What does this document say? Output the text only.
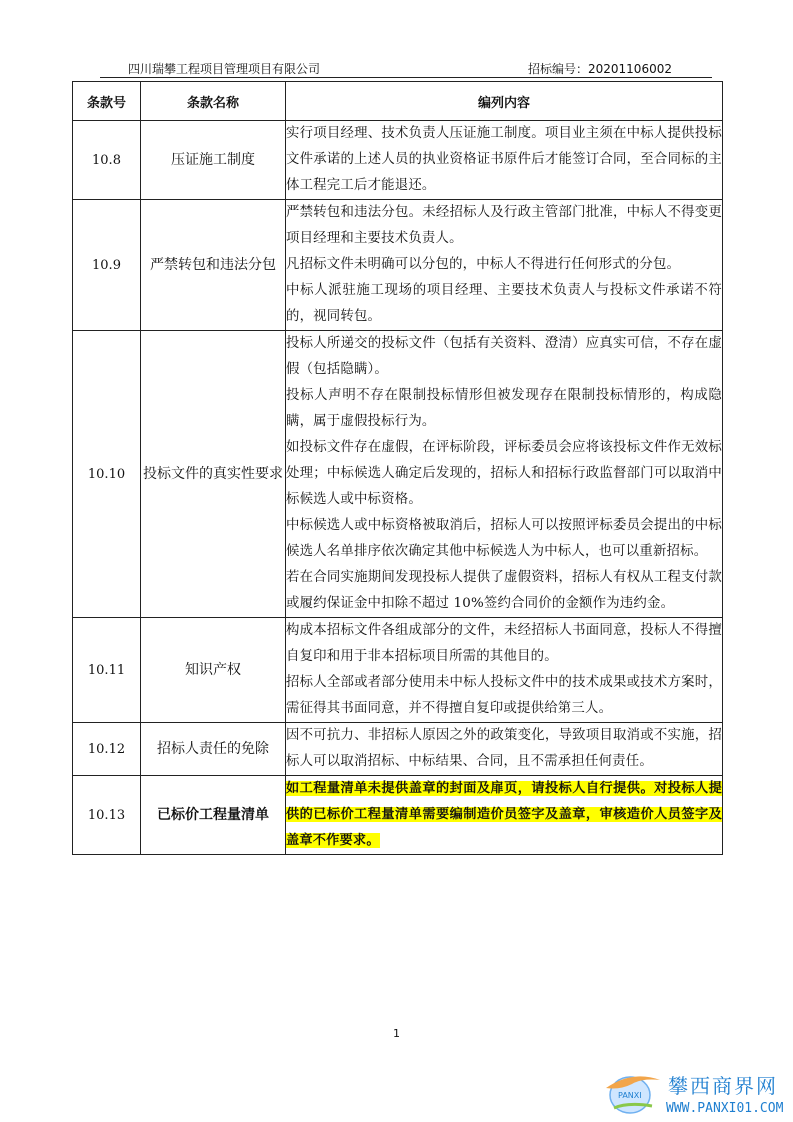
四川瑞攀工程项目管理项目有限公司	招标编号：20201106002
条款号	条款名称	编列内容
10.8	压证施工制度	实行项目经理、技术负责人压证施工制度。项目业主须在中标人提供投标文件承诺的上述人员的执业资格证书原件后才能签订合同，至合同标的主体工程完工后才能退还。

10.9	严禁转包和违法分包	严禁转包和违法分包。未经招标人及行政主管部门批准，中标人不得变更项目经理和主要技术负责人。
凡招标文件未明确可以分包的，中标人不得进行任何形式的分包。
中标人派驻施工现场的项目经理、主要技术负责人与投标文件承诺不符的，视同转包。

10.10	投标文件的真实性要求	投标人所递交的投标文件（包括有关资料、澄清）应真实可信，不存在虚假（包括隐瞒）。
投标人声明不存在限制投标情形但被发现存在限制投标情形的，构成隐瞒，属于虚假投标行为。
如投标文件存在虚假，在评标阶段，评标委员会应将该投标文件作无效标处理；中标候选人确定后发现的，招标人和招标行政监督部门可以取消中标候选人或中标资格。
中标候选人或中标资格被取消后，招标人可以按照评标委员会提出的中标候选人名单排序依次确定其他中标候选人为中标人，也可以重新招标。
若在合同实施期间发现投标人提供了虚假资料，招标人有权从工程支付款或履约保证金中扣除不超过 10%签约合同价的金额作为违约金。

10.11	知识产权	构成本招标文件各组成部分的文件，未经招标人书面同意，投标人不得擅自复印和用于非本招标项目所需的其他目的。
招标人全部或者部分使用未中标人投标文件中的技术成果或技术方案时，需征得其书面同意，并不得擅自复印或提供给第三人。

10.12	招标人责任的免除	因不可抗力、非招标人原因之外的政策变化，导致项目取消或不实施，招标人可以取消招标、中标结果、合同，且不需承担任何责任。

10.13	已标价工程量清单	如工程量清单未提供盖章的封面及扉页，请投标人自行提供。对投标人提供的已标价工程量清单需要编制造价员签字及盖章，审核造价人员签字及盖章不作要求。
1
PANXI 攀西商界网
WWW.PANXI01.COM
